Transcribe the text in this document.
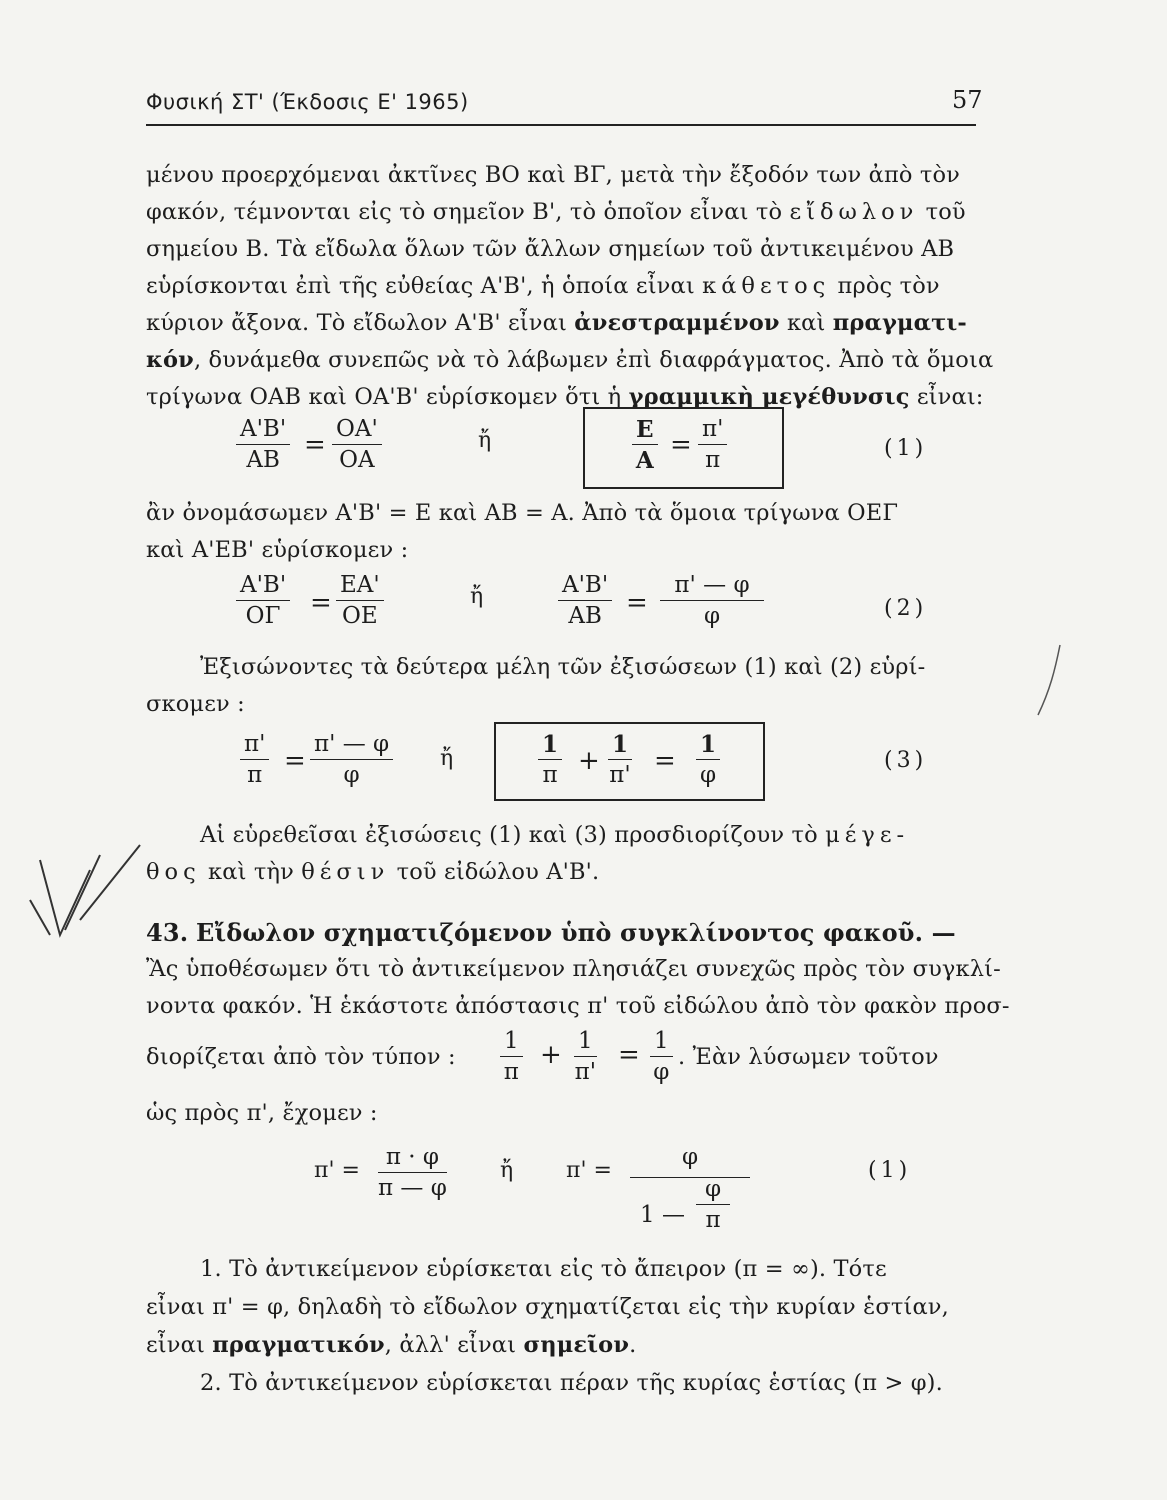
Φυσική ΣΤ' (Έκδοσις Ε' 1965)	57
μένου προερχόμεναι ἀκτῖνες ΒΟ καὶ ΒΓ, μετὰ τὴν ἔξοδόν των ἀπὸ τὸν
φακόν, τέμνονται εἰς τὸ σημεῖον Β', τὸ ὁποῖον εἶναι τὸ εἴδωλον τοῦ
σημείου Β. Τὰ εἴδωλα ὅλων τῶν ἄλλων σημείων τοῦ ἀντικειμένου ΑΒ
εὑρίσκονται ἐπὶ τῆς εὐθείας Α'Β', ἡ ὁποία εἶναι κάθετος πρὸς τὸν
κύριον ἄξονα. Τὸ εἴδωλον Α'Β' εἶναι ἀνεστραμμένον καὶ πραγματι-
κόν, δυνάμεθα συνεπῶς νὰ τὸ λάβωμεν ἐπὶ διαφράγματος. Ἀπὸ τὰ ὅμοια
τρίγωνα ΟΑΒ καὶ ΟΑ'Β' εὑρίσκομεν ὅτι ἡ γραμμικὴ μεγέθυνσις εἶναι:
$\frac{A'B'}{AB} = \frac{OA'}{OA}$	ἤ	$\frac{E}{A} = \frac{\pi'}{\pi}$	(1)
ἂν ὀνομάσωμεν Α'Β' = Ε καὶ ΑΒ = Α. Ἀπὸ τὰ ὅμοια τρίγωνα ΟΕΓ
καὶ Α'ΕΒ' εὑρίσκομεν :
$\frac{A'B'}{O\Gamma} = \frac{EA'}{OE}$	ἤ	$\frac{A'B'}{AB} = \frac{\pi' — \varphi}{\varphi}$	(2)
Ἐξισώνοντες τὰ δεύτερα μέλη τῶν ἐξισώσεων (1) καὶ (2) εὑρί-
σκομεν :
$\frac{\pi'}{\pi} = \frac{\pi' — \varphi}{\varphi}$ ἤ	$\frac{1}{\pi} + \frac{1}{\pi'} = \frac{1}{\varphi}$	(3)
Αἱ εὑρεθεῖσαι ἐξισώσεις (1) καὶ (3) προσδιορίζουν τὸ μέγε-
θος καὶ τὴν θέσιν τοῦ εἰδώλου Α'Β'.
43. Εἴδωλον σχηματιζόμενον ὑπὸ συγκλίνοντος φακοῦ. —
Ἂς ὑποθέσωμεν ὅτι τὸ ἀντικείμενον πλησιάζει συνεχῶς πρὸς τὸν συγκλί-
νοντα φακόν. Ἡ ἑκάστοτε ἀπόστασις π' τοῦ εἰδώλου ἀπὸ τὸν φακὸν προσ-
διορίζεται ἀπὸ τὸν τύπον : $\frac{1}{\pi} + \frac{1}{\pi'} = \frac{1}{\varphi}$ . Ἐὰν λύσωμεν τοῦτον
ὡς πρὸς π', ἔχομεν :
$\pi' = \frac{\pi \cdot \varphi}{\pi — \varphi}$ ἤ π' = φ
1 —
φ
π	(1)
1. Τὸ ἀντικείμενον εὑρίσκεται εἰς τὸ ἄπειρον (π = ∞). Τότε
εἶναι π' = φ, δηλαδὴ τὸ εἴδωλον σχηματίζεται εἰς τὴν κυρίαν ἑστίαν,
εἶναι πραγματικόν, ἀλλ' εἶναι σημεῖον.
2. Τὸ ἀντικείμενον εὑρίσκεται πέραν τῆς κυρίας ἑστίας (π > φ).
